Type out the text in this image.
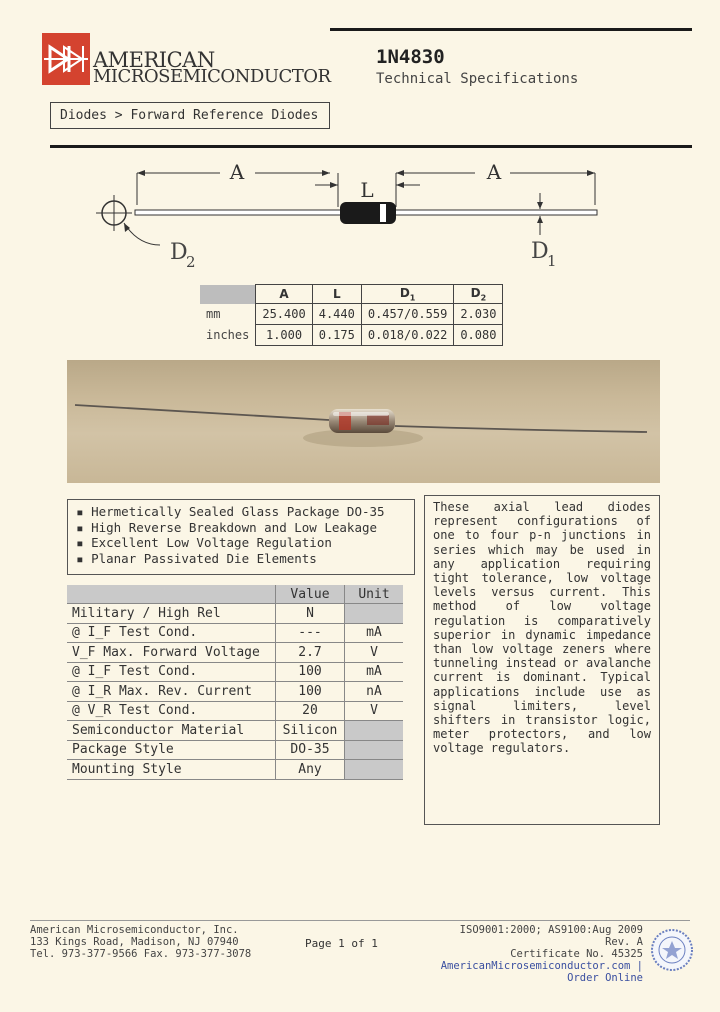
AMERICAN
MICROSEMICONDUCTOR
1N4830
Technical Specifications
Diodes > Forward Reference Diodes
A
L
A
D
2	D
1
	A	L	$D_1$	$D_2$
mm	25.400	4.440	0.457/0.559	2.030
inches	1.000	0.175	0.018/0.022	0.080
▪ Hermetically Sealed Glass Package DO-35
▪ High Reverse Breakdown and Low Leakage
▪ Excellent Low Voltage Regulation
▪ Planar Passivated Die Elements
	Value	Unit
Military / High Rel	N	
@ I_F Test Cond.	---	mA
V_F Max. Forward Voltage	2.7	V
@ I_F Test Cond.	100	mA
@ I_R Max. Rev. Current	100	nA
@ V_R Test Cond.	20	V
Semiconductor Material	Silicon	
Package Style	DO-35	
Mounting Style	Any	
These axial lead diodes represent configurations of one to four p-n junctions in series which may be used in any application requiring tight tolerance, low voltage levels versus current. This method of low voltage regulation is comparatively superior in dynamic impedance than low voltage zeners where tunneling instead or avalanche current is dominant. Typical applications include use as signal limiters, level shifters in transistor logic, meter protectors, and low voltage regulators.
American Microsemiconductor, Inc.
133 Kings Road, Madison, NJ 07940
Tel. 973-377-9566 Fax. 973-377-3078
Page 1 of 1
ISO9001:2000; AS9100:Aug 2009 Rev. A
Certificate No. 45325
AmericanMicrosemiconductor.com | Order Online
